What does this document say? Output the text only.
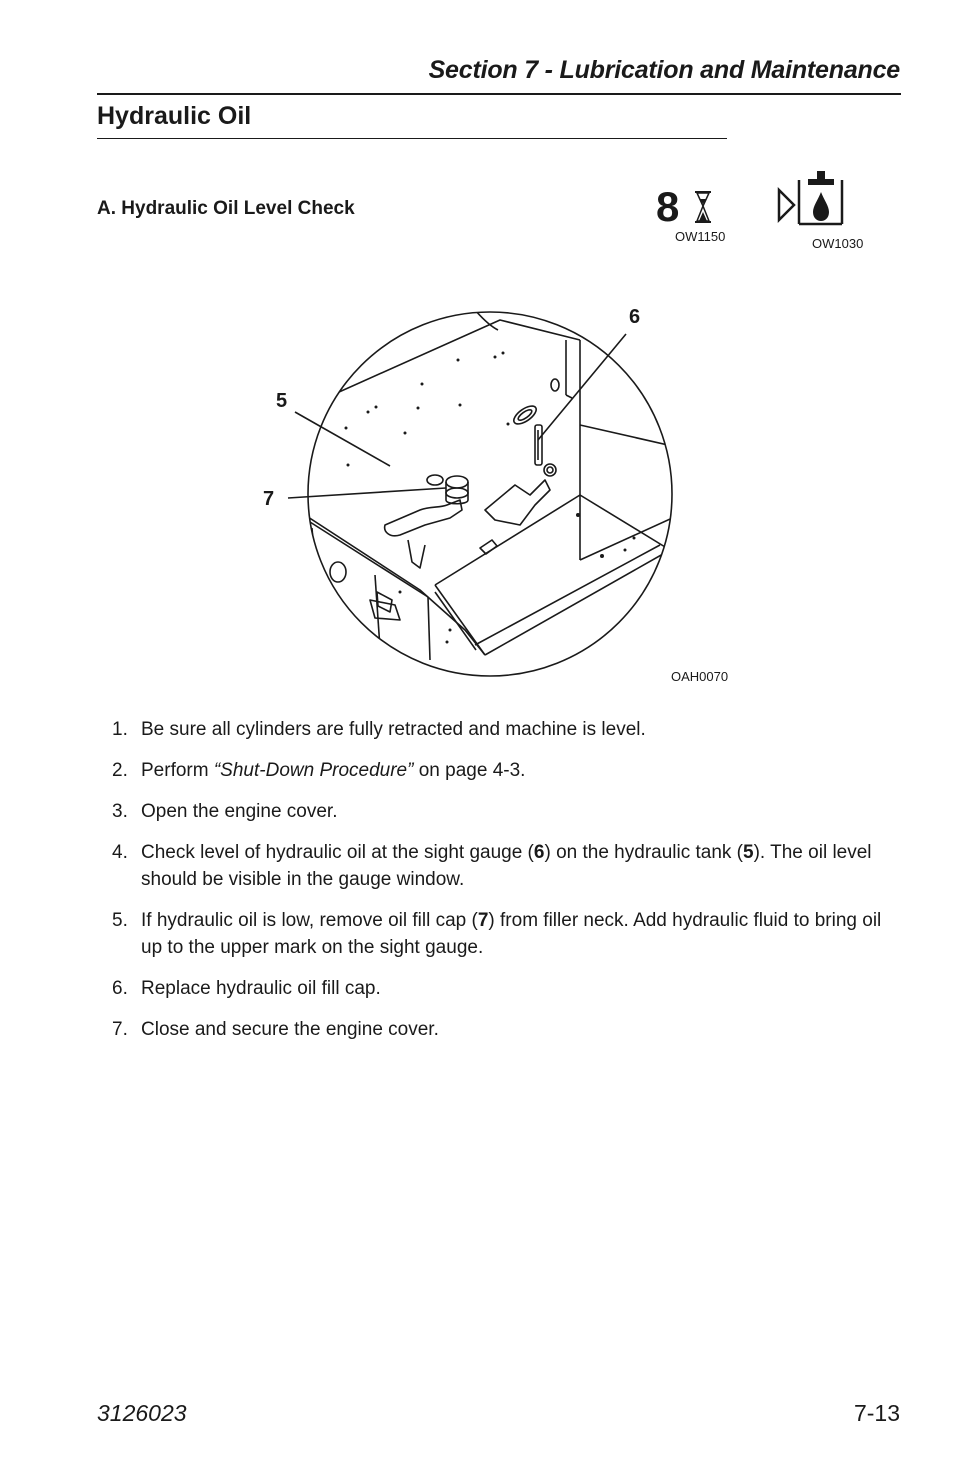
Section 7 - Lubrication and Maintenance
Hydraulic Oil
A. Hydraulic Oil Level Check	8
OW1150	OW1030
5
7
6
OAH0070
1. Be sure all cylinders are fully retracted and machine is level.
2. Perform “Shut-Down Procedure” on page 4-3.
3. Open the engine cover.
4. Check level of hydraulic oil at the sight gauge (6) on the hydraulic tank (5). The oil level should be visible in the gauge window.
5. If hydraulic oil is low, remove oil fill cap (7) from filler neck. Add hydraulic fluid to bring oil up to the upper mark on the sight gauge.
6. Replace hydraulic oil fill cap.
7. Close and secure the engine cover.
3126023	7-13
